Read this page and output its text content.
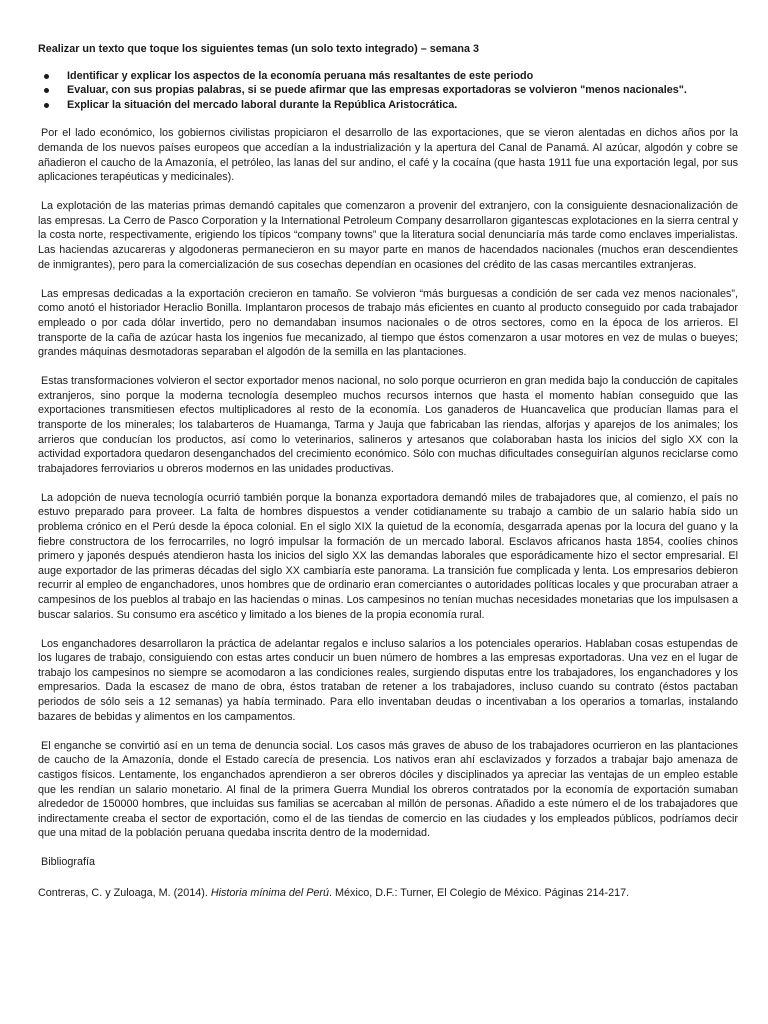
Realizar un texto que toque los siguientes temas (un solo texto integrado) – semana 3

Identificar y explicar los aspectos de la economía peruana más resaltantes de este periodo
Evaluar, con sus propias palabras, si se puede afirmar que las empresas exportadoras se volvieron "menos nacionales".
Explicar la situación del mercado laboral durante la República Aristocrática.

Por el lado económico, los gobiernos civilistas propiciaron el desarrollo de las exportaciones, que se vieron alentadas en dichos años por la demanda de los nuevos países europeos que accedían a la industrialización y la apertura del Canal de Panamá. Al azúcar, algodón y cobre se añadieron el caucho de la Amazonía, el petróleo, las lanas del sur andino, el café y la cocaína (que hasta 1911 fue una exportación legal, por sus aplicaciones terapéuticas y medicinales).

La explotación de las materias primas demandó capitales que comenzaron a provenir del extranjero, con la consiguiente desnacionalización de las empresas. La Cerro de Pasco Corporation y la International Petroleum Company desarrollaron gigantescas explotaciones en la sierra central y la costa norte, respectivamente, erigiendo los típicos “company towns” que la literatura social denunciaría más tarde como enclaves imperialistas. Las haciendas azucareras y algodoneras permanecieron en su mayor parte en manos de hacendados nacionales (muchos eran descendientes de inmigrantes), pero para la comercialización de sus cosechas dependían en ocasiones del crédito de las casas mercantiles extranjeras.

Las empresas dedicadas a la exportación crecieron en tamaño. Se volvieron “más burguesas a condición de ser cada vez menos nacionales”, como anotó el historiador Heraclio Bonilla. Implantaron procesos de trabajo más eficientes en cuanto al producto conseguido por cada trabajador empleado o por cada dólar invertido, pero no demandaban insumos nacionales o de otros sectores, como en la época de los arrieros. El transporte de la caña de azúcar hasta los ingenios fue mecanizado, al tiempo que éstos comenzaron a usar motores en vez de mulas o bueyes; grandes máquinas desmotadoras separaban el algodón de la semilla en las plantaciones.

Estas transformaciones volvieron el sector exportador menos nacional, no solo porque ocurrieron en gran medida bajo la conducción de capitales extranjeros, sino porque la moderna tecnología desempleo muchos recursos internos que hasta el momento habían conseguido que las exportaciones transmitiesen efectos multiplicadores al resto de la economía. Los ganaderos de Huancavelica que producían llamas para el transporte de los minerales; los talabarteros de Huamanga, Tarma y Jauja que fabricaban las riendas, alforjas y aparejos de los animales; los arrieros que conducían los productos, así como lo veterinarios, salineros y artesanos que colaboraban hasta los inicios del siglo XX con la actividad exportadora quedaron desenganchados del crecimiento económico. Sólo con muchas dificultades conseguirían algunos reciclarse como trabajadores ferroviarios u obreros modernos en las unidades productivas.

La adopción de nueva tecnología ocurrió también porque la bonanza exportadora demandó miles de trabajadores que, al comienzo, el país no estuvo preparado para proveer. La falta de hombres dispuestos a vender cotidianamente su trabajo a cambio de un salario había sido un problema crónico en el Perú desde la época colonial. En el siglo XIX la quietud de la economía, desgarrada apenas por la locura del guano y la fiebre constructora de los ferrocarriles, no logró impulsar la formación de un mercado laboral. Esclavos africanos hasta 1854, coolíes chinos primero y japonés después atendieron hasta los inicios del siglo XX las demandas laborales que esporádicamente hizo el sector empresarial. El auge exportador de las primeras décadas del siglo XX cambiaría este panorama. La transición fue complicada y lenta. Los empresarios debieron recurrir al empleo de enganchadores, unos hombres que de ordinario eran comerciantes o autoridades políticas locales y que procuraban atraer a campesinos de los pueblos al trabajo en las haciendas o minas. Los campesinos no tenían muchas necesidades monetarias que los impulsasen a buscar salarios. Su consumo era ascético y limitado a los bienes de la propia economía rural.

Los enganchadores desarrollaron la práctica de adelantar regalos e incluso salarios a los potenciales operarios. Hablaban cosas estupendas de los lugares de trabajo, consiguiendo con estas artes conducir un buen número de hombres a las empresas exportadoras. Una vez en el lugar de trabajo los campesinos no siempre se acomodaron a las condiciones reales, surgiendo disputas entre los trabajadores, los enganchadores y los empresarios. Dada la escasez de mano de obra, éstos trataban de retener a los trabajadores, incluso cuando su contrato (éstos pactaban periodos de sólo seis a 12 semanas) ya había terminado. Para ello inventaban deudas o incentivaban a los operarios a tomarlas, instalando bazares de bebidas y alimentos en los campamentos.

El enganche se convirtió así en un tema de denuncia social. Los casos más graves de abuso de los trabajadores ocurrieron en las plantaciones de caucho de la Amazonía, donde el Estado carecía de presencia. Los nativos eran ahí esclavizados y forzados a trabajar bajo amenaza de castigos físicos. Lentamente, los enganchados aprendieron a ser obreros dóciles y disciplinados ya apreciar las ventajas de un empleo estable que les rendían un salario monetario. Al final de la primera Guerra Mundial los obreros contratados por la economía de exportación sumaban alrededor de 150000 hombres, que incluidas sus familias se acercaban al millón de personas. Añadido a este número el de los trabajadores que indirectamente creaba el sector de exportación, como el de las tiendas de comercio en las ciudades y los empleados públicos, podríamos decir que una mitad de la población peruana quedaba inscrita dentro de la modernidad.

Bibliografía

Contreras, C. y Zuloaga, M. (2014). Historia mínima del Perú. México, D.F.: Turner, El Colegio de México. Páginas 214-217.
